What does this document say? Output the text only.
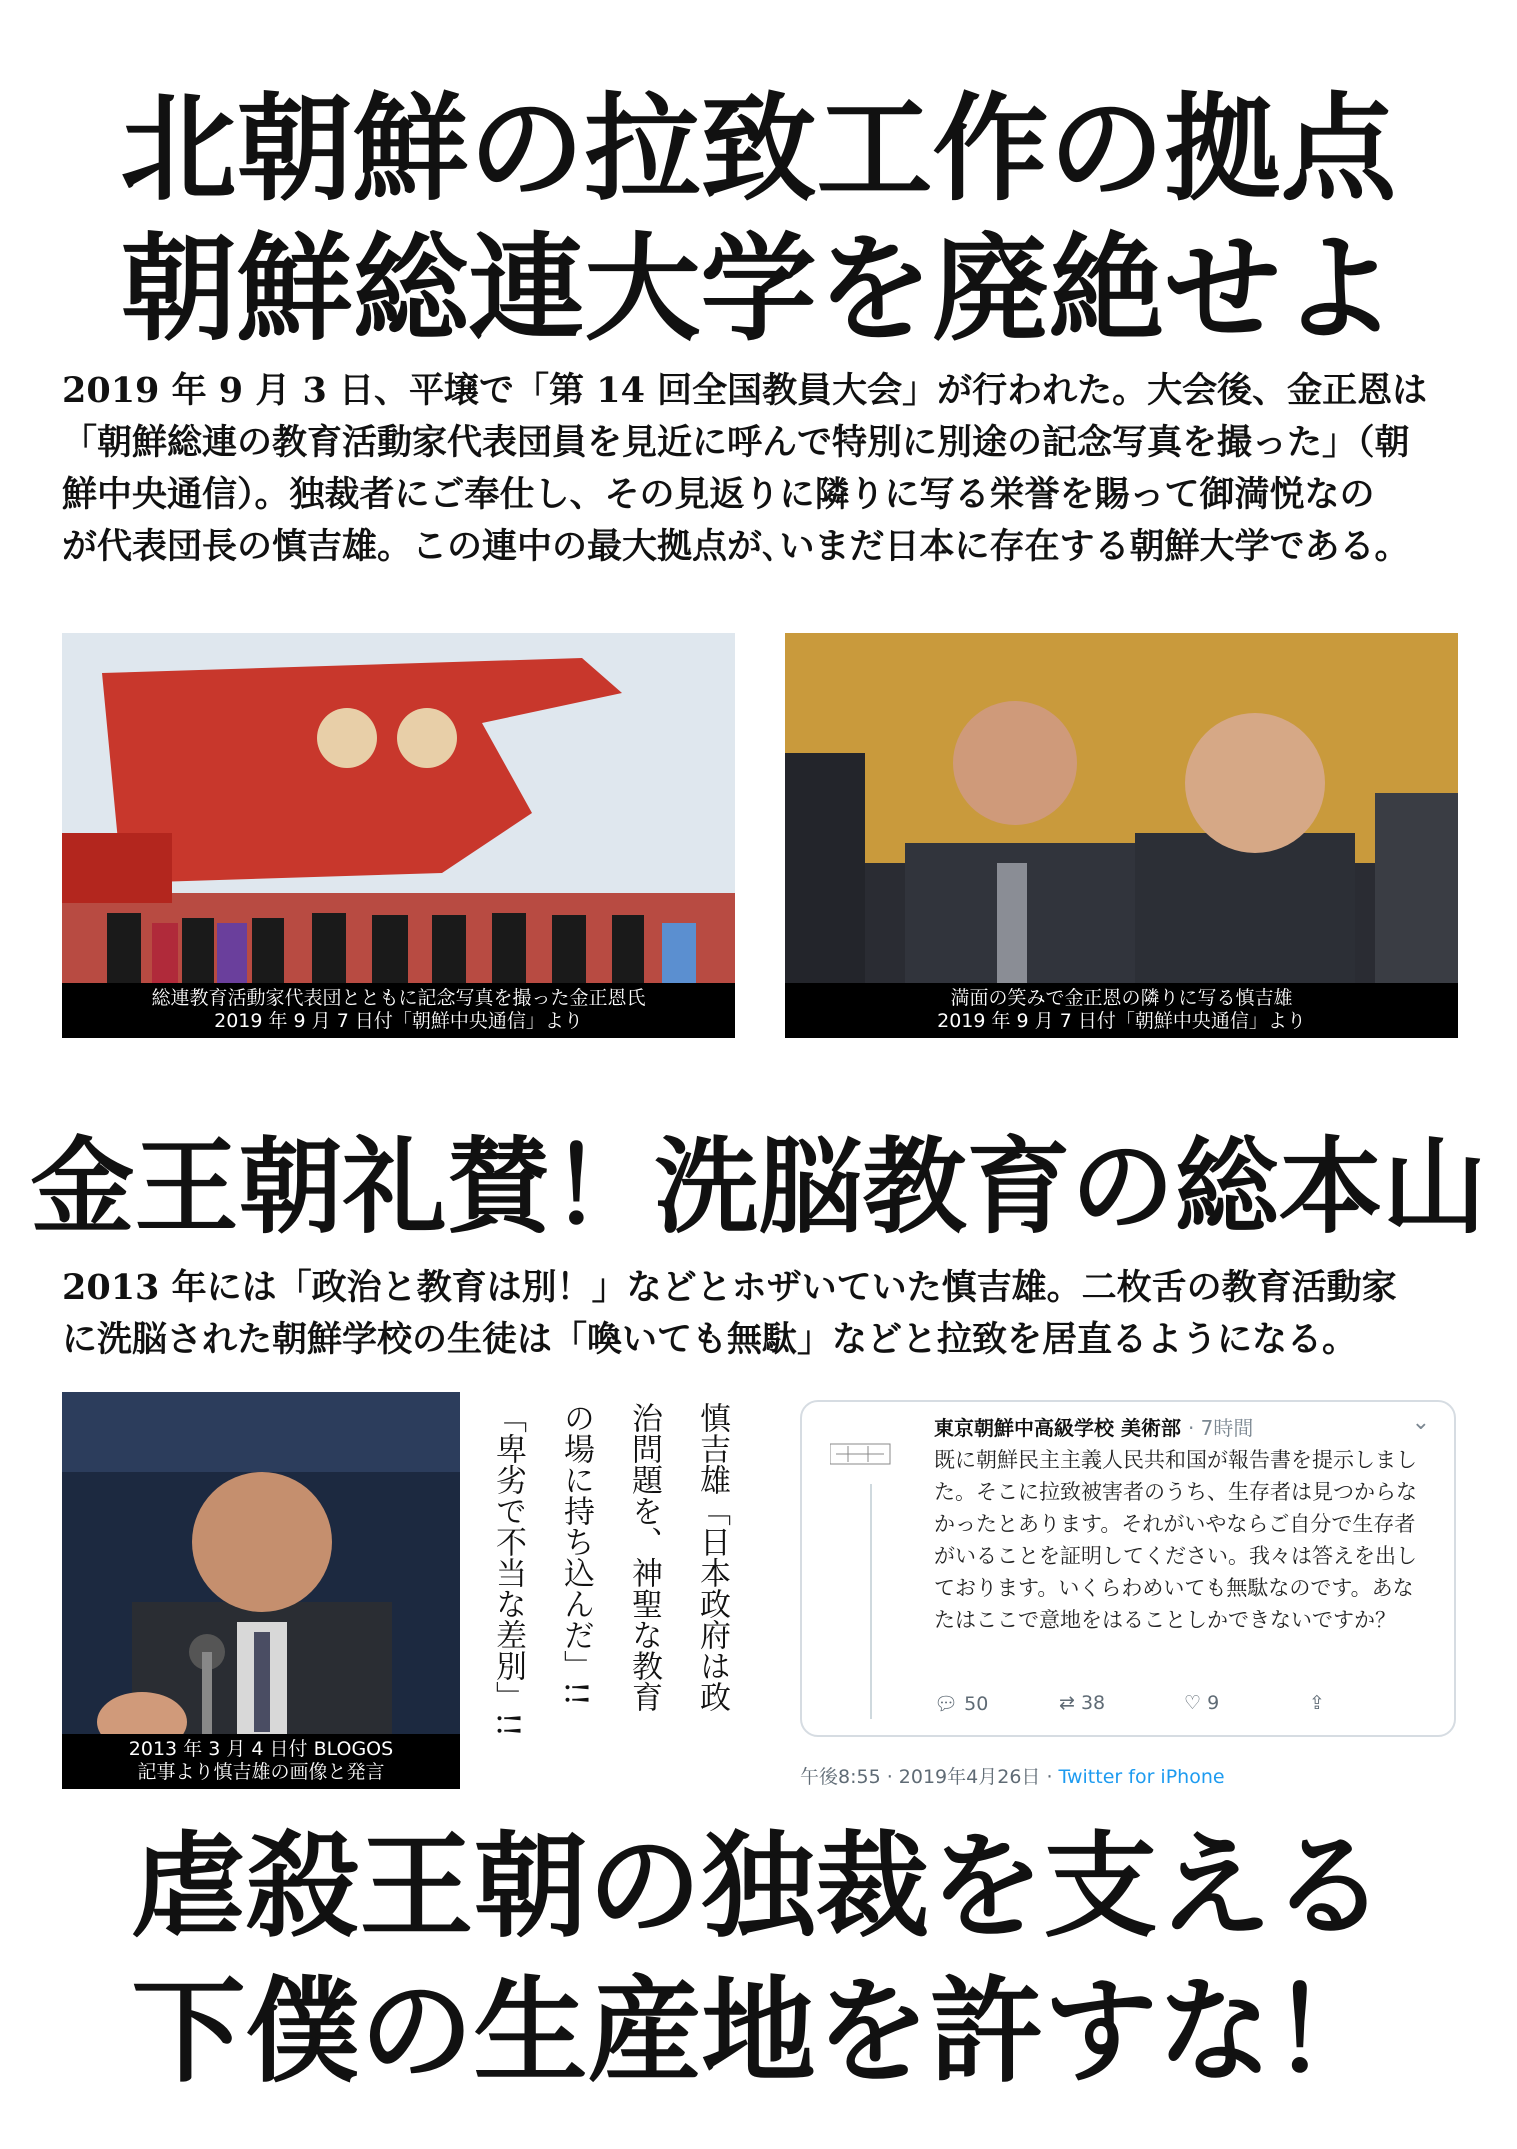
北朝鮮の拉致工作の拠点
朝鮮総連大学を廃絶せよ
2019 年 9 月 3 日、平壌で「第 14 回全国教員大会」が行われた。大会後、金正恩は
「朝鮮総連の教育活動家代表団員を見近に呼んで特別に別途の記念写真を撮った」（朝
鮮中央通信）。独裁者にご奉仕し、その見返りに隣りに写る栄誉を賜って御満悦なの
が代表団長の慎吉雄。この連中の最大拠点が､いまだ日本に存在する朝鮮大学である。
総連教育活動家代表団とともに記念写真を撮った金正恩氏
2019 年 9 月 7 日付「朝鮮中央通信」より
満面の笑みで金正恩の隣りに写る慎吉雄
2019 年 9 月 7 日付「朝鮮中央通信」より
金王朝礼賛！洗脳教育の総本山
2013 年には「政治と教育は別！」などとホザいていた慎吉雄。二枚舌の教育活動家
に洗脳された朝鮮学校の生徒は「喚いても無駄」などと拉致を居直るようになる。
2013 年 3 月 4 日付 BLOGOS
記事より慎吉雄の画像と発言
慎吉雄「日本政府は政
治問題を、神聖な教育
の場に持ち込んだ」!!
「卑劣で不当な差別」!!	東京朝鮮中高級学校 美術部 · 7時間	⌄
既に朝鮮民主主義人民共和国が報告書を提示しました。そこに拉致被害者のうち、生存者は見つからなかったとあります。それがいやならご自分で生存者がいることを証明してください。我々は答えを出しております。いくらわめいても無駄なのです。あなたはここで意地をはることしかできないですか？
💬︎ 50	⇄ 38	♡ 9	⇪
午後8:55 · 2019年4月26日 · Twitter for iPhone
虐殺王朝の独裁を支える
下僕の生産地を許すな！
